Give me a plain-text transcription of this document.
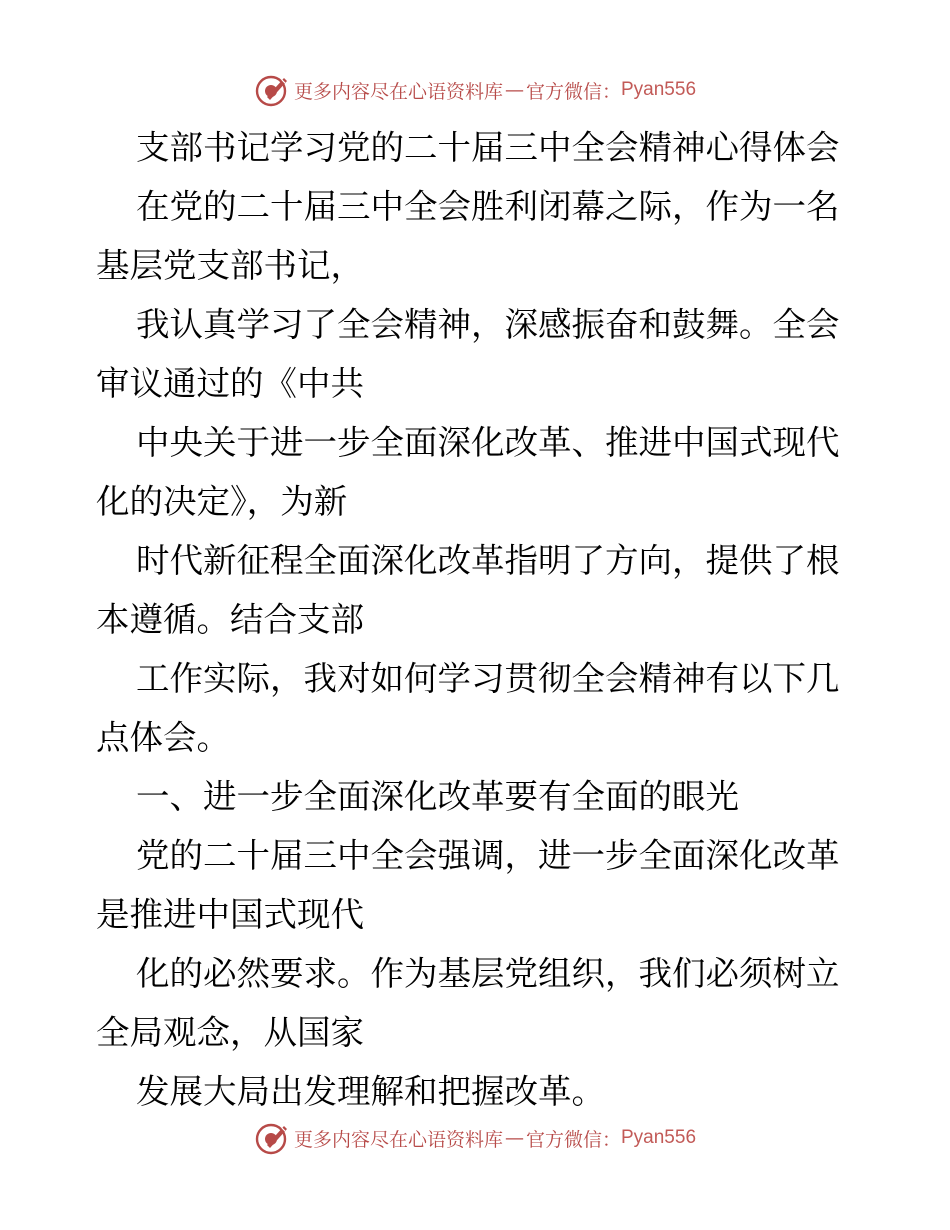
更多内容尽在心语资料库 — 官方微信： Pyan556
支部书记学习党的二十届三中全会精神心得体会
在党的二十届三中全会胜利闭幕之际，作为一名
基层党支部书记，
我认真学习了全会精神，深感振奋和鼓舞。全会
审议通过的《中共
中央关于进一步全面深化改革、推进中国式现代
化的决定》，为新
时代新征程全面深化改革指明了方向，提供了根
本遵循。结合支部
工作实际，我对如何学习贯彻全会精神有以下几
点体会。
一、进一步全面深化改革要有全面的眼光
党的二十届三中全会强调，进一步全面深化改革
是推进中国式现代
化的必然要求。作为基层党组织，我们必须树立
全局观念，从国家
发展大局出发理解和把握改革。
更多内容尽在心语资料库 — 官方微信： Pyan556
